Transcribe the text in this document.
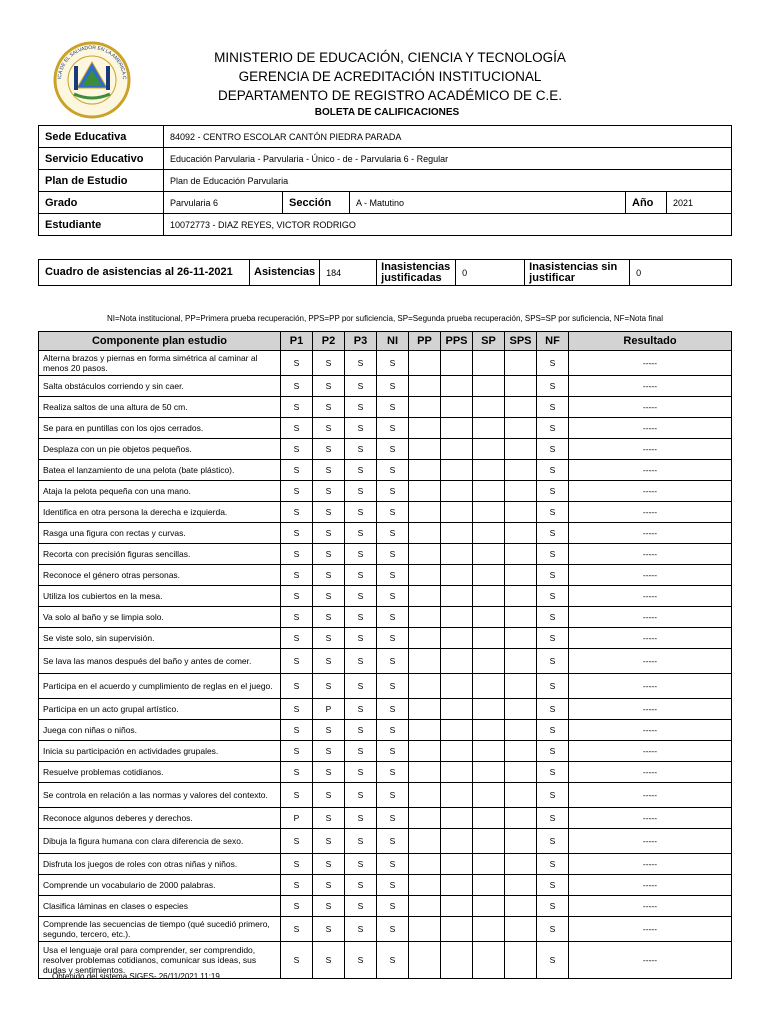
ICA DE EL SALVADOR EN LA AMERICA C
MINISTERIO DE EDUCACIÓN, CIENCIA Y TECNOLOGÍA
GERENCIA DE ACREDITACIÓN INSTITUCIONAL
DEPARTAMENTO DE REGISTRO ACADÉMICO DE C.E.
BOLETA DE CALIFICACIONES
Sede Educativa	84092 - CENTRO ESCOLAR CANTÓN PIEDRA PARADA				
Servicio Educativo	Educación Parvularia - Parvularia - Único - de - Parvularia 6 - Regular				
Plan de Estudio	Plan de Educación Parvularia				
Grado	Parvularia 6	Sección	A - Matutino	Año	2021
Estudiante	10072773 - DIAZ REYES, VICTOR RODRIGO				
Cuadro de asistencias al 26-11-2021	Asistencias	184	Inasistencias justificadas	0	Inasistencias sin justificar	0
NI=Nota institucional, PP=Primera prueba recuperación, PPS=PP por suficiencia, SP=Segunda prueba recuperación, SPS=SP por suficiencia, NF=Nota final
Componente plan estudio	P1	P2	P3	NI	PP	PPS	SP	SPS	NF	Resultado
Alterna brazos y piernas en forma simétrica al caminar al menos 20 pasos.	S	S	S	S					S	-----
Salta obstáculos corriendo y sin caer.	S	S	S	S					S	-----
Realiza saltos de una altura de 50 cm.	S	S	S	S					S	-----
Se para en puntillas con los ojos cerrados.	S	S	S	S					S	-----
Desplaza con un pie objetos pequeños.	S	S	S	S					S	-----
Batea el lanzamiento de una pelota (bate plástico).	S	S	S	S					S	-----
Ataja la pelota pequeña con una mano.	S	S	S	S					S	-----
Identifica en otra persona la derecha e izquierda.	S	S	S	S					S	-----
Rasga una figura con rectas y curvas.	S	S	S	S					S	-----
Recorta con precisión figuras sencillas.	S	S	S	S					S	-----
Reconoce el género otras personas.	S	S	S	S					S	-----
Utiliza los cubiertos en la mesa.	S	S	S	S					S	-----
Va solo al baño y se limpia solo.	S	S	S	S					S	-----
Se viste solo, sin supervisión.	S	S	S	S					S	-----
Se lava las manos después del baño y antes de comer.	S	S	S	S					S	-----
Participa en el acuerdo y cumplimiento de reglas en el juego.	S	S	S	S					S	-----
Participa en un acto grupal artístico.	S	P	S	S					S	-----
Juega con niñas o niños.	S	S	S	S					S	-----
Inicia su participación en actividades grupales.	S	S	S	S					S	-----
Resuelve problemas cotidianos.	S	S	S	S					S	-----
Se controla en relación a las normas y valores del contexto.	S	S	S	S					S	-----
Reconoce algunos deberes y derechos.	P	S	S	S					S	-----
Dibuja la figura humana con clara diferencia de sexo.	S	S	S	S					S	-----
Disfruta los juegos de roles con otras niñas y niños.	S	S	S	S					S	-----
Comprende un vocabulario de 2000 palabras.	S	S	S	S					S	-----
Clasifica láminas en clases o especies	S	S	S	S					S	-----
Comprende las secuencias de tiempo (qué sucedió primero, segundo, tercero, etc.).	S	S	S	S					S	-----
Usa el lenguaje oral para comprender, ser comprendido, resolver problemas cotidianos, comunicar sus ideas, sus dudas y sentimientos.	S	S	S	S					S	-----
Obtenido del sistema SIGES- 26/11/2021 11:19
